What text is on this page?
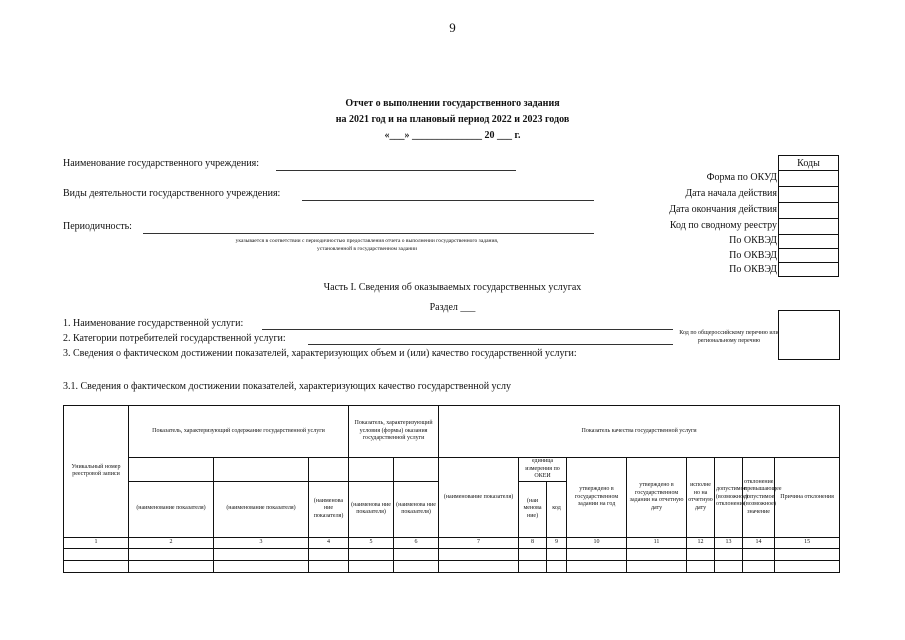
9
Отчет о выполнении государственного задания
на 2021 год и на плановый период 2022 и 2023 годов
«___» ______________ 20 ___ г.
Наименование государственного учреждения:
Виды деятельности государственного учреждения:
Периодичность:
указывается в соответствии с периодичностью предоставления отчета о выполнении государственного задания, установленной в государственном задании
Коды

Форма по ОКУД
Дата начала действия
Дата окончания действия
Код по сводному реестру
По ОКВЭД
По ОКВЭД
По ОКВЭД
Часть I. Сведения об оказываемых государственных услугах
Раздел ___
1. Наименование государственной услуги:
2. Категории потребителей государственной услуги:
3. Сведения о фактическом достижении показателей, характеризующих объем и (или) качество государственной услуги:
Код по общероссийскому перечню или региональному перечню
3.1. Сведения о фактическом достижении показателей, характеризующих качество государственной услу
Уникальный номер реестровой записи	Показатель, характеризующий содержание государственной услуги			Показатель, характеризующий условия (формы) оказания государственной услуги		Показатель качества государственной услуги								
						(наименование показателя)	единица измерения по ОКЕИ		утверждено в государственном задании на год	утверждено в государственном задании на отчетную дату	исполне но на отчетную дату	допустимое (возможное) отклонение	отклонение, превышающее допустимое (возможное) значение	Причина отклонения
	(наименование показателя)	(наименование показателя)	(наименова ние показателя)	(наименова ние показателя)	(наименова ние показателя)		(наи менова ние)	код						
1	2	3	4	5	6	7	8	9	10	11	12	13	14	15
